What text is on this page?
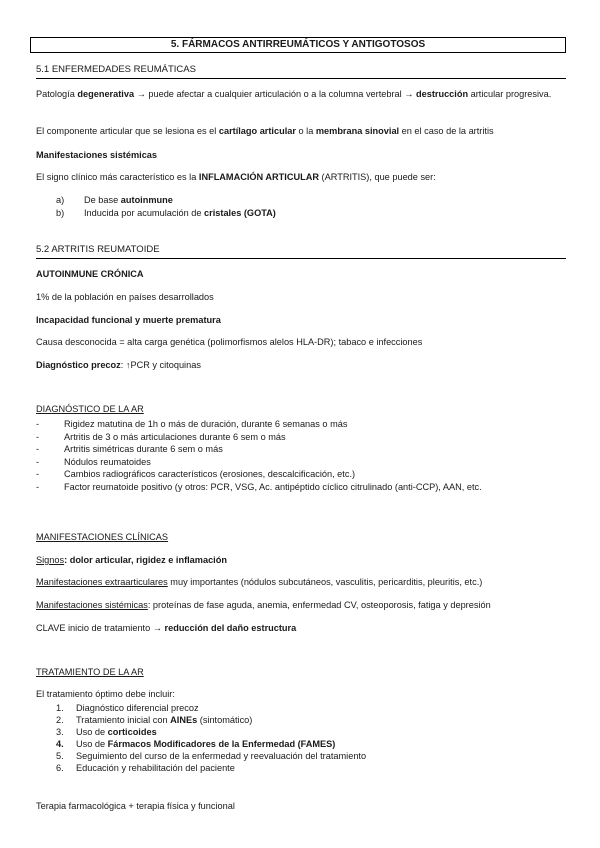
5. FÁRMACOS ANTIRREUMÁTICOS Y ANTIGOTOSOS
5.1 ENFERMEDADES REUMÁTICAS
Patología degenerativa → puede afectar a cualquier articulación o a la columna vertebral → destrucción articular progresiva.
El componente articular que se lesiona es el cartílago articular o la membrana sinovial en el caso de la artritis
Manifestaciones sistémicas
El signo clínico más característico es la INFLAMACIÓN ARTICULAR (ARTRITIS), que puede ser:
a)	De base autoinmune
b)	Inducida por acumulación de cristales (GOTA)
5.2 ARTRITIS REUMATOIDE
AUTOINMUNE CRÓNICA
1% de la población en países desarrollados
Incapacidad funcional y muerte prematura
Causa desconocida = alta carga genética (polimorfismos alelos HLA-DR); tabaco e infecciones
Diagnóstico precoz: ↑PCR y citoquinas
DIAGNÓSTICO DE LA AR
-	Rigidez matutina de 1h o más de duración, durante 6 semanas o más
-	Artritis de 3 o más articulaciones durante 6 sem o más
-	Artritis simétricas durante 6 sem o más
-	Nódulos reumatoides
-	Cambios radiográficos característicos (erosiones, descalcificación, etc.)
-	Factor reumatoide positivo (y otros: PCR, VSG, Ac. antipéptido cíclico citrulinado (anti-CCP), AAN, etc.
MANIFESTACIONES CLÍNICAS
Signos: dolor articular, rigidez e inflamación
Manifestaciones extraarticulares muy importantes (nódulos subcutáneos, vasculitis, pericarditis, pleuritis, etc.)
Manifestaciones sistémicas: proteínas de fase aguda, anemia, enfermedad CV, osteoporosis, fatiga y depresión
CLAVE inicio de tratamiento → reducción del daño estructura
TRATAMIENTO DE LA AR
El tratamiento óptimo debe incluir:
1. Diagnóstico diferencial precoz
2. Tratamiento inicial con AINEs (sintomático)
3. Uso de corticoides
4. Uso de Fármacos Modificadores de la Enfermedad (FAMES)
5. Seguimiento del curso de la enfermedad y reevaluación del tratamiento
6. Educación y rehabilitación del paciente
Terapia farmacológica + terapia física y funcional
